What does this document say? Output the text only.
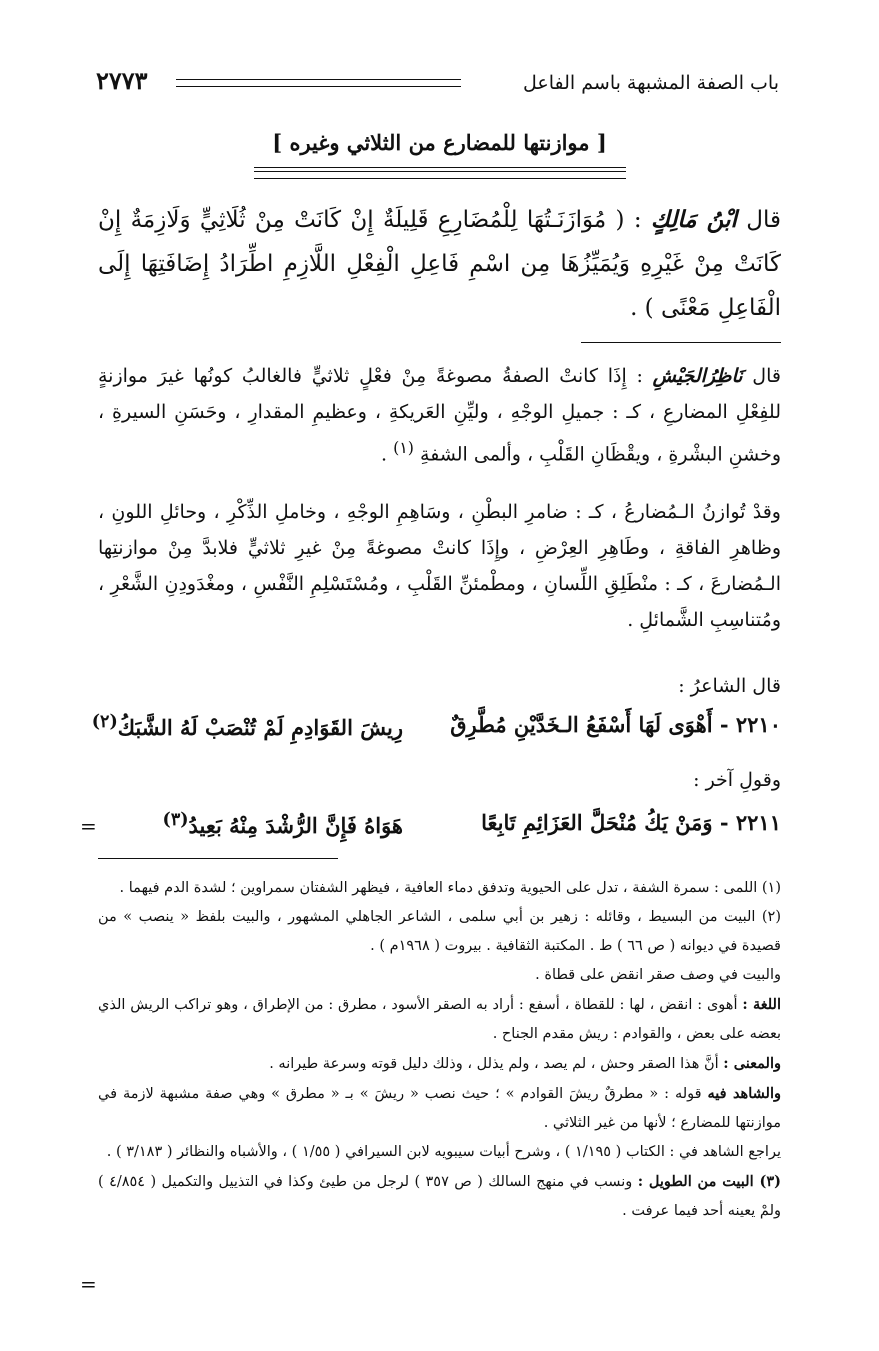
باب الصفة المشبهة باسم الفاعل
٢٧٧٣
[ موازنتها للمضارع من الثلاثي وغيره ]
قال ابْنُ مَالِكٍ : ( مُوَازَنَـتُهَا لِلْمُضَارِعِ قَلِيلَةٌ إِنْ كَانَتْ مِنْ ثُلَاثِيٍّ وَلَازِمَةٌ إِنْ كَانَتْ مِنْ غَيْرِهِ وَيُمَيِّزُهَا مِن اسْمِ فَاعِلِ الْفِعْلِ اللَّازِمِ اطِّرَادُ إِضَافَتِهَا إِلَى الْفَاعِلِ مَعْنًى ) .
قال نَاظِرُالجَيْشِ : إِذَا كانتْ الصفةُ مصوغةً مِنْ فعْلٍ ثلاثيٍّ فالغالبُ كونُها غيرَ موازنةٍ للفِعْلِ المضارعِ ، كـ : جميلِ الوجْهِ ، وليِّنِ العَريكةِ ، وعظيمِ المقدارِ ، وحَسَنِ السيرةِ ، وخشنِ البشْرةِ ، ويقْظَانِ القَلْبِ ، وألمى الشفةِ $^{(١)}$ .
وقدْ تُوازنُ الـمُضارعُ ، كـ : ضامرِ البطْنِ ، وسَاهِمِ الوجْهِ ، وخاملِ الذِّكْرِ ، وحائلِ اللونِ ، وظاهرِ الفاقةِ ، وطَاهِرِ العِرْضِ ، وإِذَا كانتْ مصوغةً مِنْ غيرِ ثلاثيٍّ فلابدَّ مِنْ موازنتِها الـمُضارعَ ، كـ : منْطَلِقِ اللِّسانِ ، ومطْمئنِّ القَلْبِ ، ومُسْتَسْلِمِ النَّفْسِ ، ومغْدَودِنِ الشَّعْرِ ، ومُتناسِبِ الشَّمائلِ .
قال الشاعرُ :
٢٢١٠ - أَهْوَى لَهَا أَسْفَعُ الـخَدَّيْنِ مُطَّرِقٌ
رِيشَ القَوَادِمِ لَمْ تُنْصَبْ لَهُ الشَّبَكُ$^{(٢)}$
وقولِ آخر :
٢٢١١ - وَمَنْ يَكُ مُنْحَلَّ العَزَائِمِ تَابِعًا
هَوَاهُ فَإِنَّ الرُّشْدَ مِنْهُ بَعِيدُ$^{(٣)}$
=
(١) اللمى : سمرة الشفة ، تدل على الحيوية وتدفق دماء العافية ، فيظهر الشفتان سمراوين ؛ لشدة الدم فيهما .
(٢) البيت من البسيط ، وقائله : زهير بن أبي سلمى ، الشاعر الجاهلي المشهور ، والبيت بلفظ « ينصب » من قصيدة في ديوانه ( ص ٦٦ ) ط . المكتبة الثقافية . بيروت ( ١٩٦٨م ) .
والبيت في وصف صقر انقض على قطاة .
اللغة : أهوى : انقض ، لها : للقطاة ، أسفع : أراد به الصقر الأسود ، مطرق : من الإطراق ، وهو تراكب الريش الذي بعضه على بعض ، والقوادم : ريش مقدم الجناح .
والمعنى : أنَّ هذا الصقر وحش ، لم يصد ، ولم يذلل ، وذلك دليل قوته وسرعة طيرانه .
والشاهد فيه قوله : « مطرقٌ ريشَ القوادم » ؛ حيث نصب « ريشَ » بـ « مطرق » وهي صفة مشبهة لازمة في موازنتها للمضارع ؛ لأنها من غير الثلاثي .
يراجع الشاهد في : الكتاب ( ١/١٩٥ ) ، وشرح أبيات سيبويه لابن السيرافي ( ١/٥٥ ) ، والأشباه والنظائر ( ٣/١٨٣ ) .
(٣) البيت من الطويل : ونسب في منهج السالك ( ص ٣٥٧ ) لرجل من طيئ وكذا في التذييل والتكميل ( ٤/٨٥٤ ) ولمْ يعينه أحد فيما عرفت .
=
